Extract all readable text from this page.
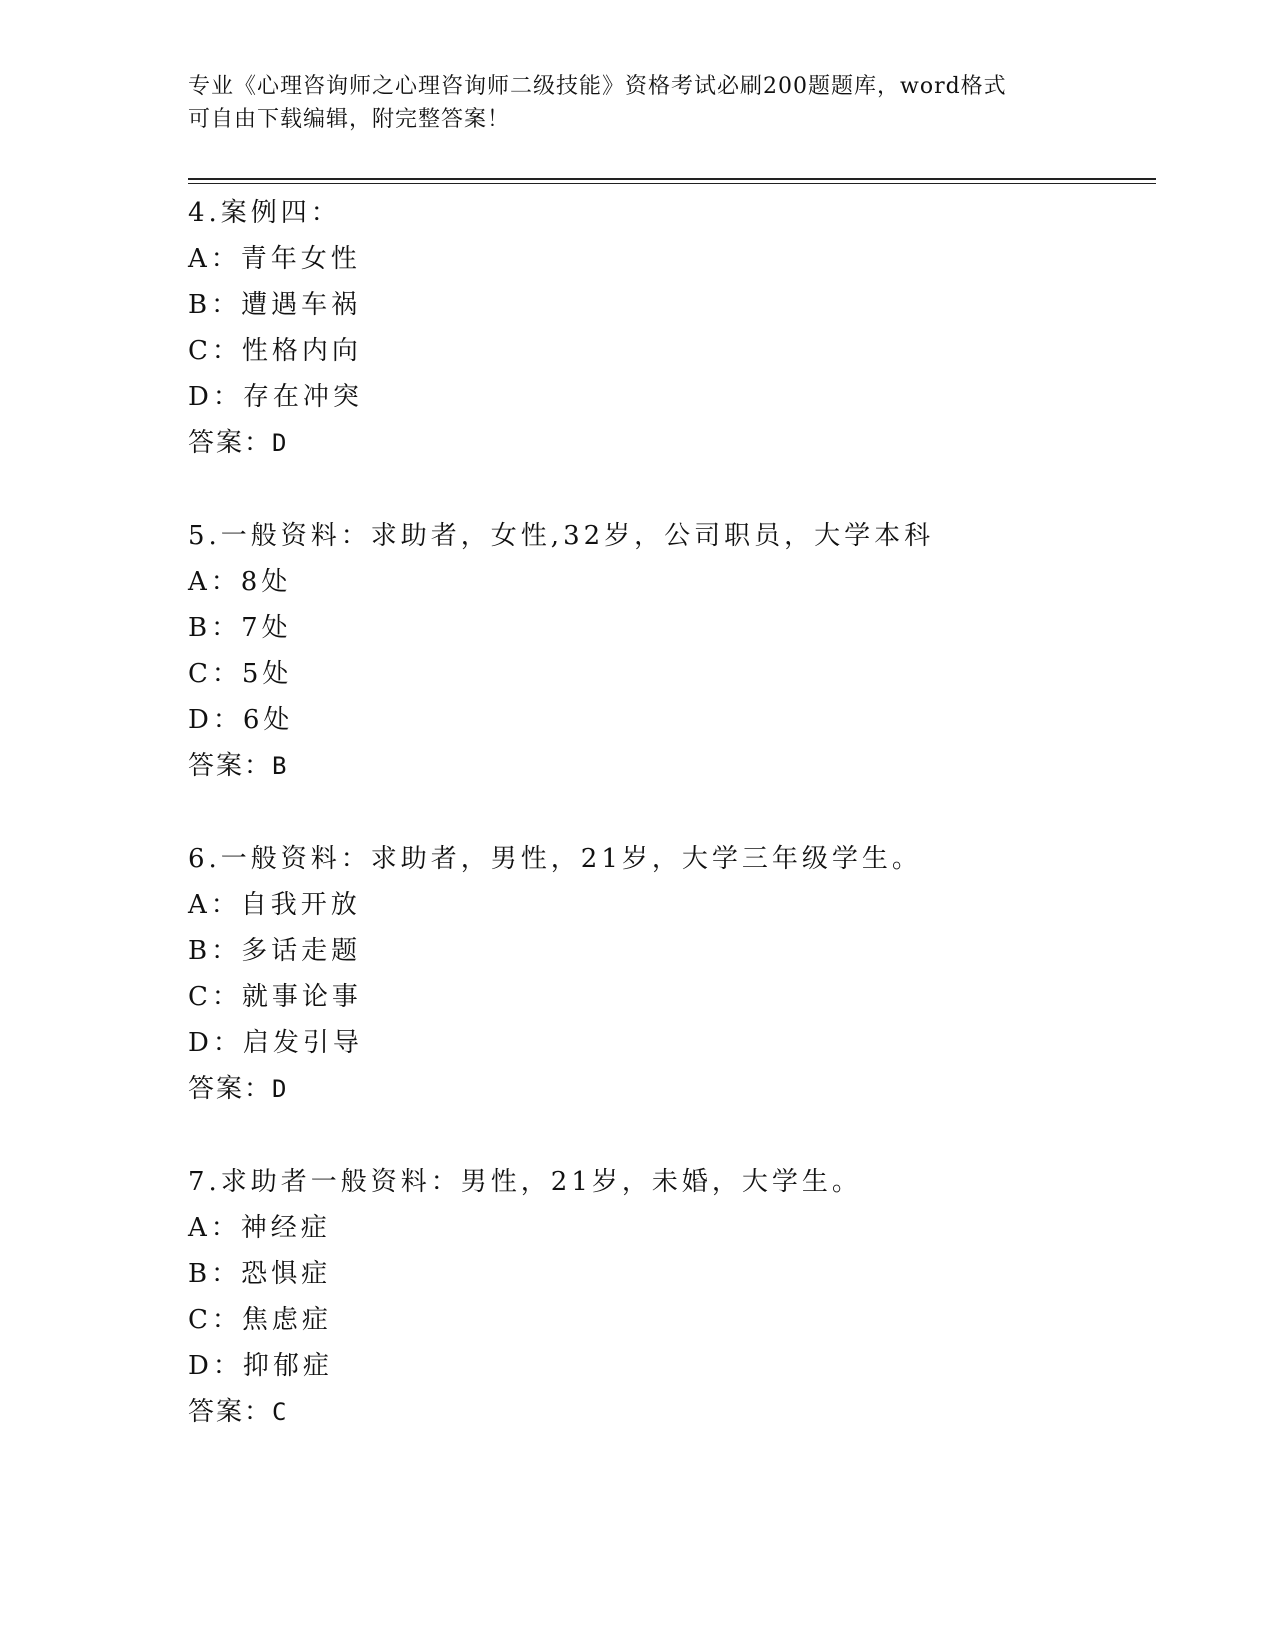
专业《心理咨询师之心理咨询师二级技能》资格考试必刷200题题库，word格式
可自由下载编辑，附完整答案！
4.案例四：
A：青年女性
B：遭遇车祸
C：性格内向
D：存在冲突
答案：D
5.一般资料：求助者，女性,32岁，公司职员，大学本科
A：8处
B：7处
C：5处
D：6处
答案：B
6.一般资料：求助者，男性，21岁，大学三年级学生。
A：自我开放
B：多话走题
C：就事论事
D：启发引导
答案：D
7.求助者一般资料：男性，21岁，未婚，大学生。
A：神经症
B：恐惧症
C：焦虑症
D：抑郁症
答案：C
